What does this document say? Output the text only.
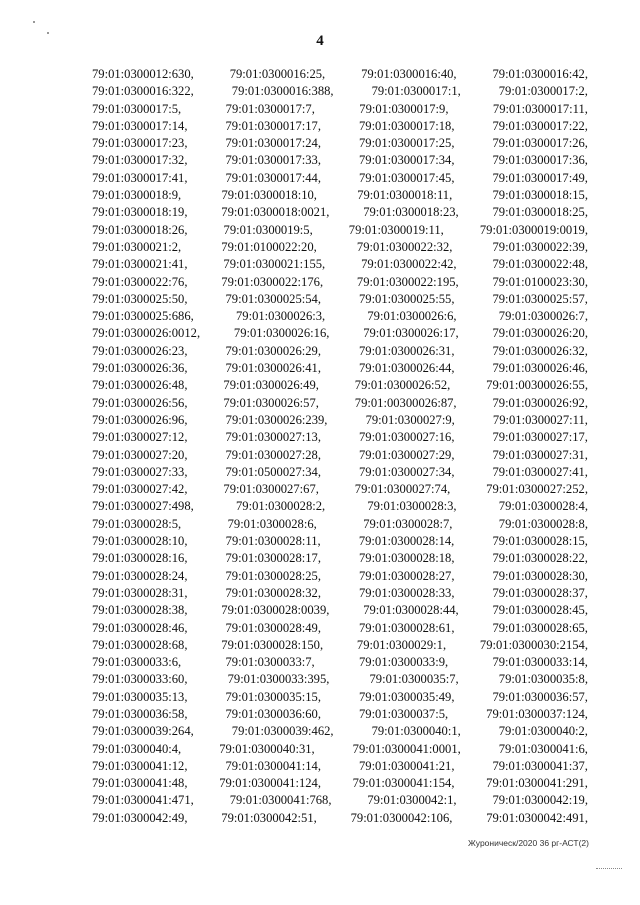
4
79:01:0300012:630,	79:01:0300016:25,	79:01:0300016:40,	79:01:0300016:42,
79:01:0300016:322,	79:01:0300016:388,	79:01:0300017:1,	79:01:0300017:2,
79:01:0300017:5,	79:01:0300017:7,	79:01:0300017:9,	79:01:0300017:11,
79:01:0300017:14,	79:01:0300017:17,	79:01:0300017:18,	79:01:0300017:22,
79:01:0300017:23,	79:01:0300017:24,	79:01:0300017:25,	79:01:0300017:26,
79:01:0300017:32,	79:01:0300017:33,	79:01:0300017:34,	79:01:0300017:36,
79:01:0300017:41,	79:01:0300017:44,	79:01:0300017:45,	79:01:0300017:49,
79:01:0300018:9,	79:01:0300018:10,	79:01:0300018:11,	79:01:0300018:15,
79:01:0300018:19,	79:01:0300018:0021,	79:01:0300018:23,	79:01:0300018:25,
79:01:0300018:26,	79:01:0300019:5,	79:01:0300019:11,	79:01:0300019:0019,
79:01:0300021:2,	79:01:0100022:20,	79:01:0300022:32,	79:01:0300022:39,
79:01:0300021:41,	79:01:0300021:155,	79:01:0300022:42,	79:01:0300022:48,
79:01:0300022:76,	79:01:0300022:176,	79:01:0300022:195,	79:01:0100023:30,
79:01:0300025:50,	79:01:0300025:54,	79:01:0300025:55,	79:01:0300025:57,
79:01:0300025:686,	79:01:0300026:3,	79:01:0300026:6,	79:01:0300026:7,
79:01:0300026:0012,	79:01:0300026:16,	79:01:0300026:17,	79:01:0300026:20,
79:01:0300026:23,	79:01:0300026:29,	79:01:0300026:31,	79:01:0300026:32,
79:01:0300026:36,	79:01:0300026:41,	79:01:0300026:44,	79:01:0300026:46,
79:01:0300026:48,	79:01:0300026:49,	79:01:0300026:52,	79:01:00300026:55,
79:01:0300026:56,	79:01:0300026:57,	79:01:00300026:87,	79:01:0300026:92,
79:01:0300026:96,	79:01:0300026:239,	79:01:0300027:9,	79:01:0300027:11,
79:01:0300027:12,	79:01:0300027:13,	79:01:0300027:16,	79:01:0300027:17,
79:01:0300027:20,	79:01:0300027:28,	79:01:0300027:29,	79:01:0300027:31,
79:01:0300027:33,	79:01:0500027:34,	79:01:0300027:34,	79:01:0300027:41,
79:01:0300027:42,	79:01:0300027:67,	79:01:0300027:74,	79:01:0300027:252,
79:01:0300027:498,	79:01:0300028:2,	79:01:0300028:3,	79:01:0300028:4,
79:01:0300028:5,	79:01:0300028:6,	79:01:0300028:7,	79:01:0300028:8,
79:01:0300028:10,	79:01:0300028:11,	79:01:0300028:14,	79:01:0300028:15,
79:01:0300028:16,	79:01:0300028:17,	79:01:0300028:18,	79:01:0300028:22,
79:01:0300028:24,	79:01:0300028:25,	79:01:0300028:27,	79:01:0300028:30,
79:01:0300028:31,	79:01:0300028:32,	79:01:0300028:33,	79:01:0300028:37,
79:01:0300028:38,	79:01:0300028:0039,	79:01:0300028:44,	79:01:0300028:45,
79:01:0300028:46,	79:01:0300028:49,	79:01:0300028:61,	79:01:0300028:65,
79:01:0300028:68,	79:01:0300028:150,	79:01:0300029:1,	79:01:0300030:2154,
79:01:0300033:6,	79:01:0300033:7,	79:01:0300033:9,	79:01:0300033:14,
79:01:0300033:60,	79:01:0300033:395,	79:01:0300035:7,	79:01:0300035:8,
79:01:0300035:13,	79:01:0300035:15,	79:01:0300035:49,	79:01:0300036:57,
79:01:0300036:58,	79:01:0300036:60,	79:01:0300037:5,	79:01:0300037:124,
79:01:0300039:264,	79:01:0300039:462,	79:01:0300040:1,	79:01:0300040:2,
79:01:0300040:4,	79:01:0300040:31,	79:01:0300041:0001,	79:01:0300041:6,
79:01:0300041:12,	79:01:0300041:14,	79:01:0300041:21,	79:01:0300041:37,
79:01:0300041:48,	79:01:0300041:124,	79:01:0300041:154,	79:01:0300041:291,
79:01:0300041:471,	79:01:0300041:768,	79:01:0300042:1,	79:01:0300042:19,
79:01:0300042:49,	79:01:0300042:51,	79:01:0300042:106,	79:01:0300042:491,
Журоническ/2020 36 рг-АСТ(2)
